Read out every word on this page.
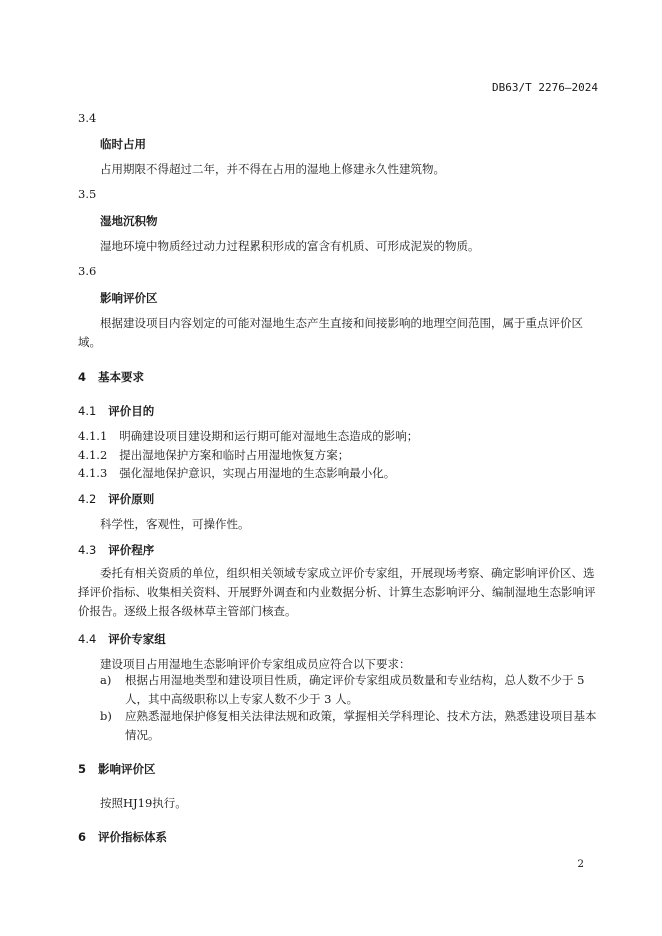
DB63/T 2276—2024
3.4
临时占用
占用期限不得超过二年，并不得在占用的湿地上修建永久性建筑物。
3.5
湿地沉积物
湿地环境中物质经过动力过程累积形成的富含有机质、可形成泥炭的物质。
3.6
影响评价区
根据建设项目内容划定的可能对湿地生态产生直接和间接影响的地理空间范围，属于重点评价区域。
4 基本要求
4.1 评价目的
4.1.1 明确建设项目建设期和运行期可能对湿地生态造成的影响；
4.1.2 提出湿地保护方案和临时占用湿地恢复方案；
4.1.3 强化湿地保护意识，实现占用湿地的生态影响最小化。
4.2 评价原则
科学性，客观性，可操作性。
4.3 评价程序
委托有相关资质的单位，组织相关领域专家成立评价专家组，开展现场考察、确定影响评价区、选择评价指标、收集相关资料、开展野外调查和内业数据分析、计算生态影响评分、编制湿地生态影响评价报告。逐级上报各级林草主管部门核查。
4.4 评价专家组
建设项目占用湿地生态影响评价专家组成员应符合以下要求：
a) 根据占用湿地类型和建设项目性质，确定评价专家组成员数量和专业结构，总人数不少于 5 人，其中高级职称以上专家人数不少于 3 人。
b) 应熟悉湿地保护修复相关法律法规和政策，掌握相关学科理论、技术方法，熟悉建设项目基本情况。
5 影响评价区
按照HJ19执行。
6 评价指标体系
2
